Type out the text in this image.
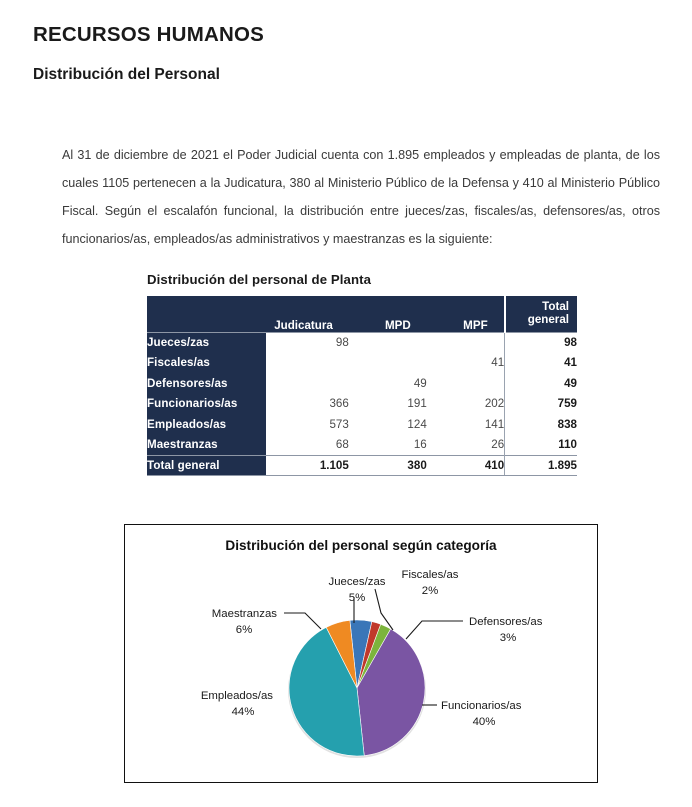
RECURSOS HUMANOS
Distribución del Personal

Al 31 de diciembre de 2021 el Poder Judicial cuenta con 1.895 empleados y empleadas de planta, de los cuales 1105 pertenecen a la Judicatura, 380 al Ministerio Público de la Defensa y 410 al Ministerio Público Fiscal. Según el escalafón funcional, la distribución entre jueces/zas, fiscales/as, defensores/as, otros funcionarios/as, empleados/as administrativos y maestranzas es la siguiente:

Distribución del personal de Planta
	Judicatura	MPD	MPF	Total general
Jueces/zas	98			98
Fiscales/as			41	41
Defensores/as		49		49
Funcionarios/as	366	191	202	759
Empleados/as	573	124	141	838
Maestranzas	68	16	26	110
Total general	1.105	380	410	1.895
Distribución del personal según categoría
Jueces/zas
5%
Fiscales/as
2%
Defensores/as
3%
Funcionarios/as
40%
Empleados/as
44%
Maestranzas
6%
